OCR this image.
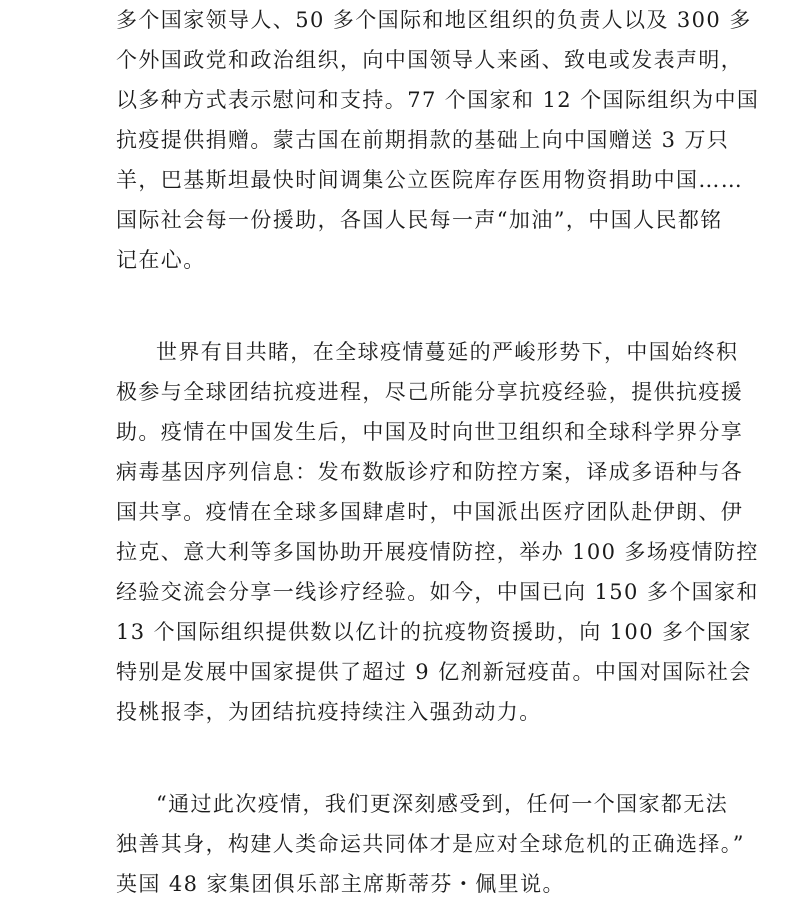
多个国家领导人、50 多个国际和地区组织的负责人以及 300 多
个外国政党和政治组织，向中国领导人来函、致电或发表声明，
以多种方式表示慰问和支持。77 个国家和 12 个国际组织为中国
抗疫提供捐赠。蒙古国在前期捐款的基础上向中国赠送 3 万只
羊，巴基斯坦最快时间调集公立医院库存医用物资捐助中国……
国际社会每一份援助，各国人民每一声“加油”，中国人民都铭
记在心。
世界有目共睹，在全球疫情蔓延的严峻形势下，中国始终积
极参与全球团结抗疫进程，尽己所能分享抗疫经验，提供抗疫援
助。疫情在中国发生后，中国及时向世卫组织和全球科学界分享
病毒基因序列信息：发布数版诊疗和防控方案，译成多语种与各
国共享。疫情在全球多国肆虐时，中国派出医疗团队赴伊朗、伊
拉克、意大利等多国协助开展疫情防控，举办 100 多场疫情防控
经验交流会分享一线诊疗经验。如今，中国已向 150 多个国家和
13 个国际组织提供数以亿计的抗疫物资援助，向 100 多个国家
特别是发展中国家提供了超过 9 亿剂新冠疫苗。中国对国际社会
投桃报李，为团结抗疫持续注入强劲动力。
“通过此次疫情，我们更深刻感受到，任何一个国家都无法
独善其身，构建人类命运共同体才是应对全球危机的正确选择。”
英国 48 家集团俱乐部主席斯蒂芬・佩里说。
